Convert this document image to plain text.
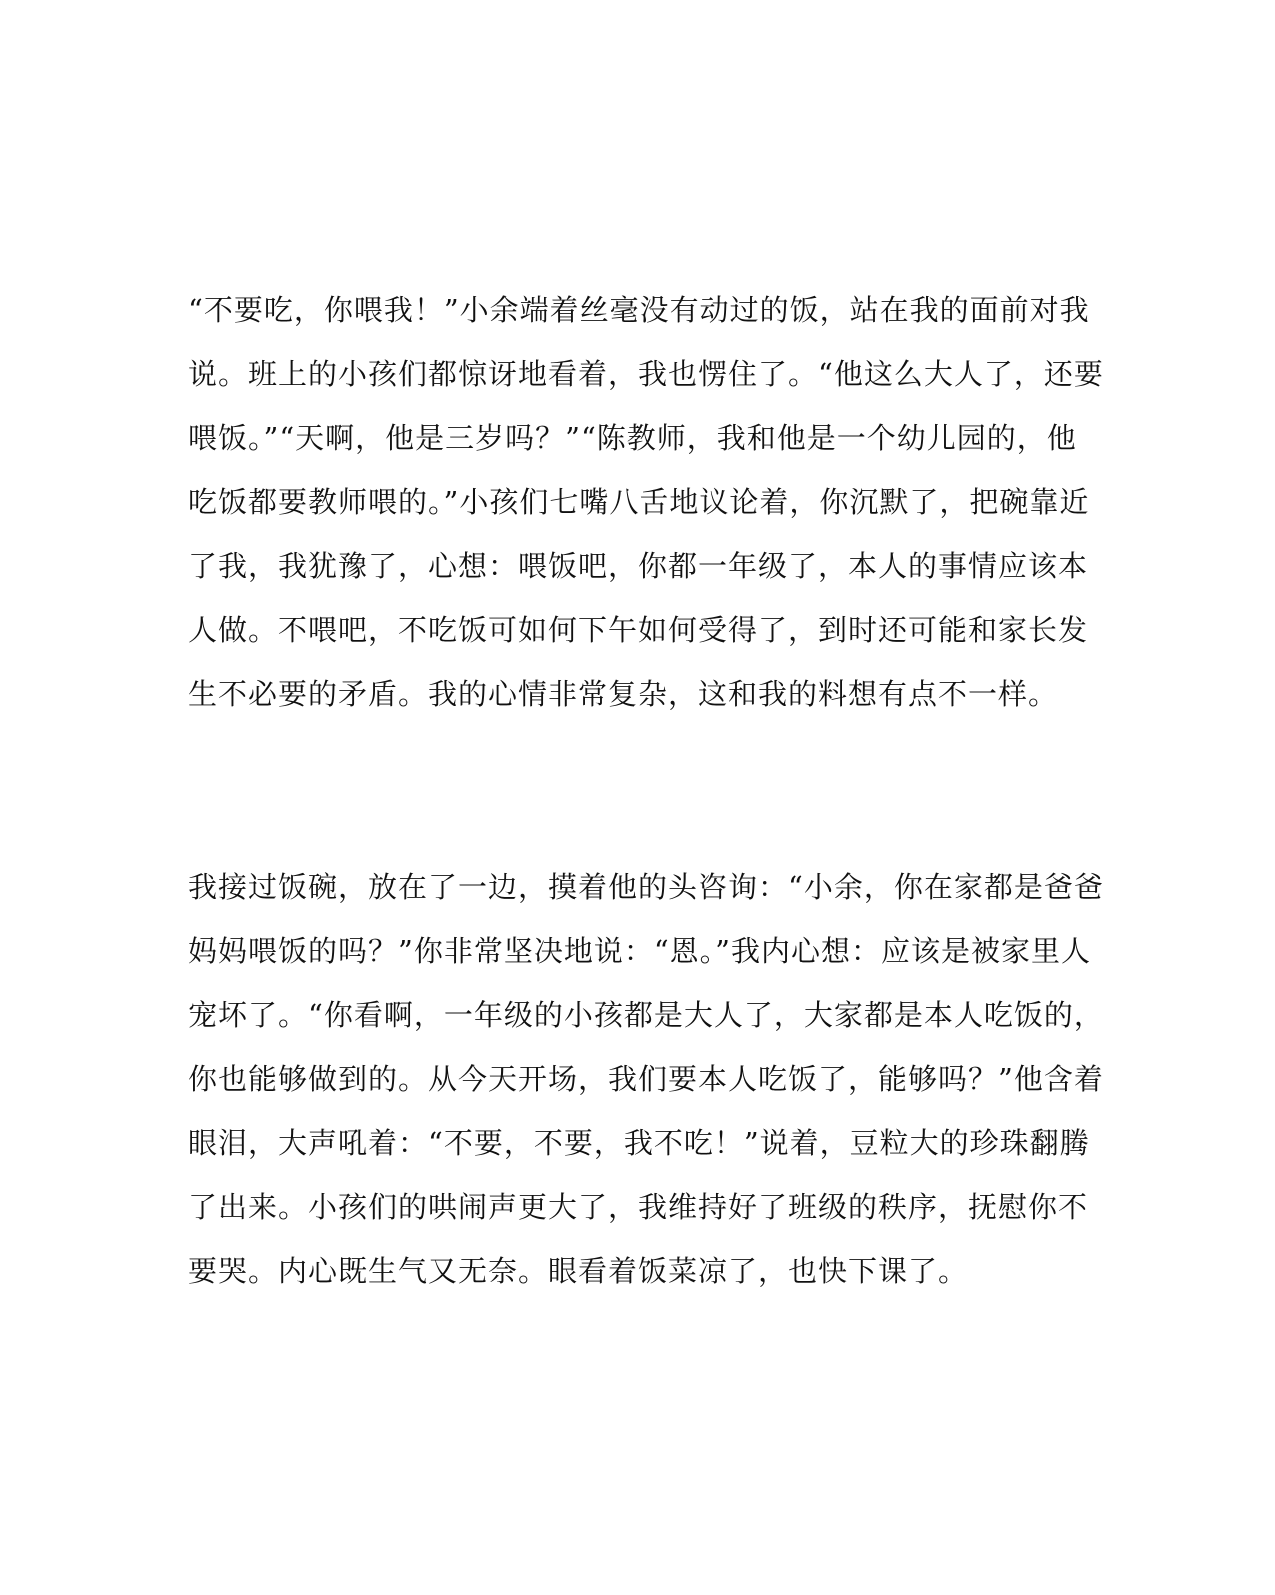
“不要吃，你喂我！”小余端着丝毫没有动过的饭，站在我的面前对我
说。班上的小孩们都惊讶地看着，我也愣住了。“他这么大人了，还要
喂饭。”“天啊，他是三岁吗？”“陈教师，我和他是一个幼儿园的，他
吃饭都要教师喂的。”小孩们七嘴八舌地议论着，你沉默了，把碗靠近
了我，我犹豫了，心想：喂饭吧，你都一年级了，本人的事情应该本
人做。不喂吧，不吃饭可如何下午如何受得了，到时还可能和家长发
生不必要的矛盾。我的心情非常复杂，这和我的料想有点不一样。

我接过饭碗，放在了一边，摸着他的头咨询：“小余，你在家都是爸爸
妈妈喂饭的吗？”你非常坚决地说：“恩。”我内心想：应该是被家里人
宠坏了。“你看啊，一年级的小孩都是大人了，大家都是本人吃饭的，
你也能够做到的。从今天开场，我们要本人吃饭了，能够吗？”他含着
眼泪，大声吼着：“不要，不要，我不吃！”说着，豆粒大的珍珠翻腾
了出来。小孩们的哄闹声更大了，我维持好了班级的秩序，抚慰你不
要哭。内心既生气又无奈。眼看着饭菜凉了，也快下课了。
